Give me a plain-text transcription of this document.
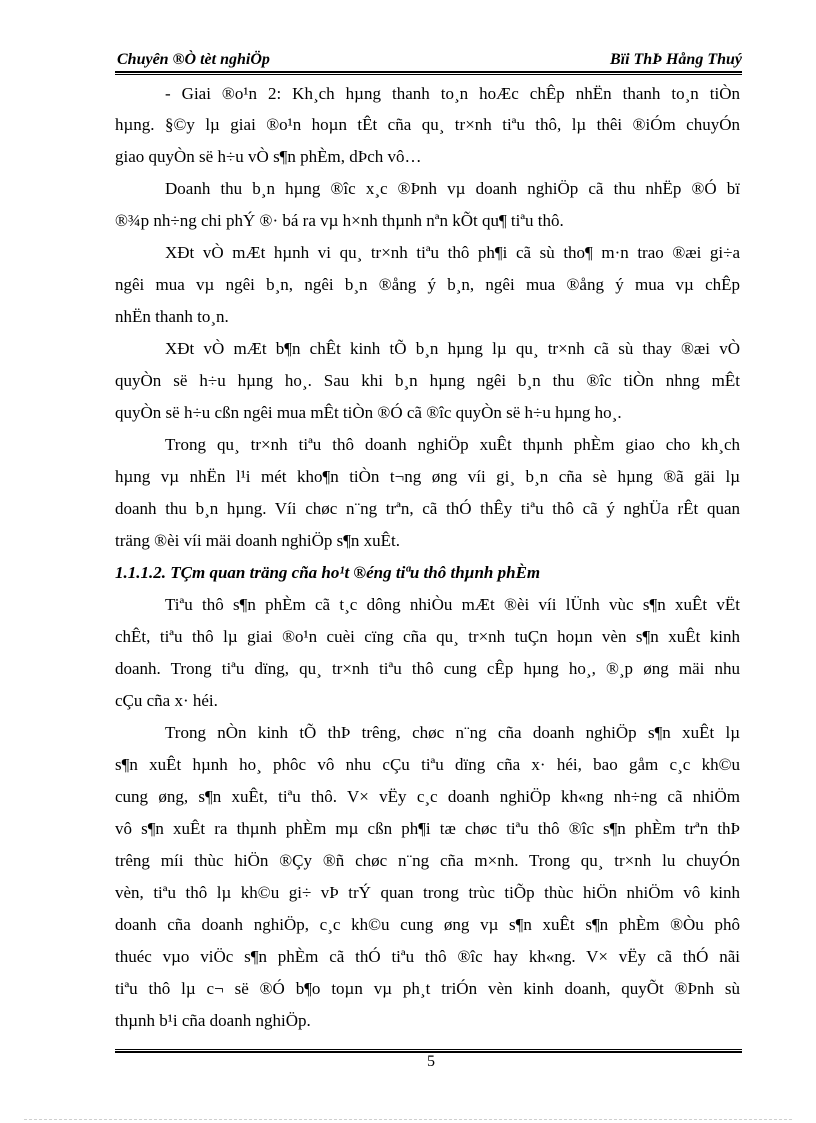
Chuyên ®Ò tèt nghiÖp	Bïi ThÞ Hång Thuý
- Giai ®o¹n 2: Kh¸ch hµng thanh to¸n hoÆc chÊp nhËn thanh to¸n tiÒn
hµng. §©y lµ giai ®o¹n hoµn tÊt cña qu¸ tr×nh tiªu thô, lµ thêi ®iÓm chuyÓn
giao quyÒn së h÷u vÒ s¶n phÈm, dÞch vô…
Doanh thu b¸n hµng ®îc x¸c ®Þnh vµ doanh nghiÖp cã thu nhËp ®Ó bï
®¾p nh÷ng chi phÝ ®· bá ra vµ h×nh thµnh nªn kÕt qu¶ tiªu thô.
XÐt vÒ mÆt hµnh vi qu¸ tr×nh tiªu thô ph¶i cã sù tho¶ m·n trao ®æi gi÷a
ngêi mua vµ ngêi b¸n, ngêi b¸n ®ång ý b¸n, ngêi mua ®ång ý mua vµ chÊp
nhËn thanh to¸n.
XÐt vÒ mÆt b¶n chÊt kinh tÕ b¸n hµng lµ qu¸ tr×nh cã sù thay ®æi vÒ
quyÒn së h÷u hµng ho¸. Sau khi b¸n hµng ngêi b¸n thu ®îc tiÒn nhng mÊt
quyÒn së h÷u cßn ngêi mua mÊt tiÒn ®Ó cã ®îc quyÒn së h÷u hµng ho¸.
Trong qu¸ tr×nh tiªu thô doanh nghiÖp xuÊt thµnh phÈm giao cho kh¸ch
hµng vµ nhËn l¹i mét kho¶n tiÒn t¬ng øng víi gi¸ b¸n cña sè hµng ®ã gäi lµ
doanh thu b¸n hµng. Víi chøc n¨ng trªn, cã thÓ thÊy tiªu thô cã ý nghÜa rÊt quan
träng ®èi víi mäi doanh nghiÖp s¶n xuÊt.
1.1.1.2. TÇm quan träng cña ho¹t ®éng tiªu thô thµnh phÈm
Tiªu thô s¶n phÈm cã t¸c dông nhiÒu mÆt ®èi víi lÜnh vùc s¶n xuÊt vËt
chÊt, tiªu thô lµ giai ®o¹n cuèi cïng cña qu¸ tr×nh tuÇn hoµn vèn s¶n xuÊt kinh
doanh. Trong tiªu dïng, qu¸ tr×nh tiªu thô cung cÊp hµng ho¸, ®¸p øng mäi nhu
cÇu cña x· héi.
Trong nÒn kinh tÕ thÞ trêng, chøc n¨ng cña doanh nghiÖp s¶n xuÊt lµ
s¶n xuÊt hµnh ho¸ phôc vô nhu cÇu tiªu dïng cña x· héi, bao gåm c¸c kh©u
cung øng, s¶n xuÊt, tiªu thô. V× vËy c¸c doanh nghiÖp kh«ng nh÷ng cã nhiÖm
vô s¶n xuÊt ra thµnh phÈm mµ cßn ph¶i tæ chøc tiªu thô ®îc s¶n phÈm trªn thÞ
trêng míi thùc hiÖn ®Çy ®ñ chøc n¨ng cña m×nh. Trong qu¸ tr×nh lu chuyÓn
vèn, tiªu thô lµ kh©u gi÷ vÞ trÝ quan trong trùc tiÕp thùc hiÖn nhiÖm vô kinh
doanh cña doanh nghiÖp, c¸c kh©u cung øng vµ s¶n xuÊt s¶n phÈm ®Òu phô
thuéc vµo viÖc s¶n phÈm cã thÓ tiªu thô ®îc hay kh«ng. V× vËy cã thÓ nãi
tiªu thô lµ c¬ së ®Ó b¶o toµn vµ ph¸t triÓn vèn kinh doanh, quyÕt ®Þnh sù
thµnh b¹i cña doanh nghiÖp.
5
